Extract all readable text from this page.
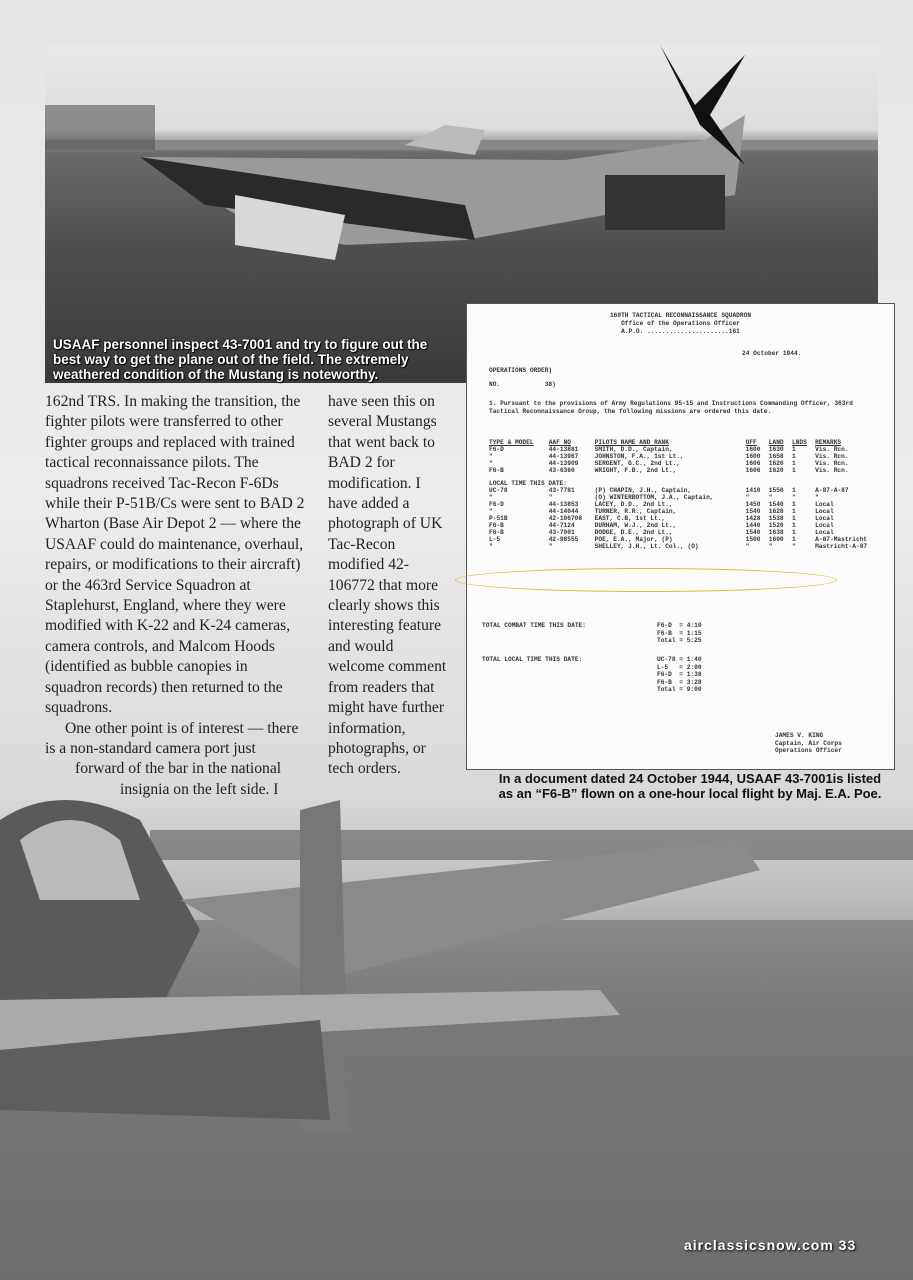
USAAF personnel inspect 43-7001 and try to figure out the best way to get the plane out of the field. The extremely weathered condition of the Mustang is noteworthy.

162nd TRS. In making the transition, the fighter pilots were transferred to other fighter groups and replaced with trained tactical reconnaissance pilots. The squadrons received Tac-Recon F-6Ds while their P-51B/Cs were sent to BAD 2 Wharton (Base Air Depot 2 — where the USAAF could do maintenance, overhaul, repairs, or modifications to their aircraft) or the 463rd Service Squadron at Staplehurst, England, where they were modified with K-22 and K-24 cameras, camera controls, and Malcom Hoods (identified as bubble canopies in squadron records) then returned to the squadrons.

One other point is of interest — there is a non-standard camera port just

forward of the bar in the national

insignia on the left side. I

have seen this on several Mustangs that went back to BAD 2 for modification. I have added a photograph of UK Tac-Recon modified 42-106772 that more clearly shows this interesting feature and would welcome comment from readers that might have further information, photographs, or tech orders.

160TH TACTICAL RECONNAISSANCE SQUADRON
Office of the Operations Officer
A.P.O. ......................161
24 October 1944.
OPERATIONS ORDER)
NO.            38)
1. Pursuant to the provisions of Army Regulations 95-15 and Instructions Commanding Officer, 363rd Tactical Reconnaissance Group, the following missions are ordered this date.
TYPE & MODEL	AAF NO	PILOTS NAME AND RANK	OFF	LAND	LNDS	REMARKS
F6-D	44-13881	SMITH, D.D., Captain,	1600	1630	1	Vis. Rcn.
"	44-13967	JOHNSTON, F.A., 1st Lt.,	1600	1658	1	Vis. Rcn.
"	44-13909	SERGENT, G.C., 2nd Lt.,	1606	1620	1	Vis. Rcn.
F6-B	43-6360	WRIGHT, F.B., 2nd Lt.,	1606	1620	1	Vis. Rcn.
LOCAL TIME THIS DATE:						
UC-78	43-7781	(P) CHAPIN, J.H., Captain,	1410	1550	1	A-87-A-87
"	"	(O) WINTERBOTTOM, J.A., Captain,	"	"	"	"
F6-D	44-13853	LACEY, D.D., 2nd Lt.,	1450	1540	1	Local
"	44-14044	TURNER, R.R., Captain,	1540	1628	1	Local
P-51B	42-106708	EAST, C.B, 1st Lt.,	1428	1538	1	Local
F6-B	44-7124	DURHAM, W.J., 2nd Lt.,	1440	1520	1	Local
F6-B	43-7001	DODGE, D.E., 2nd Lt.,	1540	1638	1	Local
L-5	42-98555	POE, E.A., Major, (P)	1500	1600	1	A-87-Mastricht
"	"	SHELLEY, J.H., Lt. Col., (O)	"	"	"	Mastricht-A-87
TOTAL COMBAT TIME THIS DATE:	F6-D  = 4:10
F6-B  = 1:15
Total = 5:25
TOTAL LOCAL TIME THIS DATE:	UC-78 = 1:40
L-5   = 2:00
F6-D  = 1:38
F6-B  = 3:28
Total = 9:00
JAMES V. KING
Captain, Air Corps
Operations Officer
In a document dated 24 October 1944, USAAF 43-7001is listed as an “F6-B” flown on a one-hour local flight by Maj. E.A. Poe.
airclassicsnow.com 33
